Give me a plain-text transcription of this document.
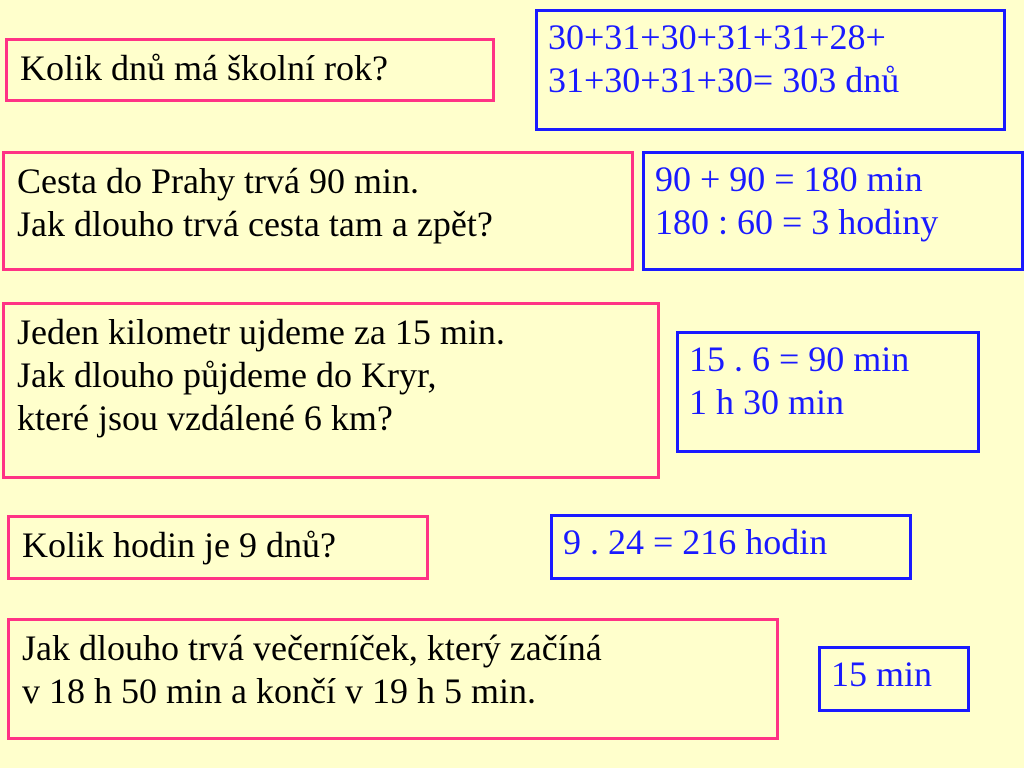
Kolik dnů má školní rok?
30+31+30+31+31+28+
31+30+31+30= 303 dnů
Cesta do Prahy trvá 90 min.
Jak dlouho trvá cesta tam a zpět?
90 + 90 = 180 min
180 : 60 = 3 hodiny
Jeden kilometr ujdeme za 15 min.
Jak dlouho půjdeme do Kryr,
které jsou vzdálené 6 km?
15 . 6 = 90 min
1 h 30 min
Kolik hodin je 9 dnů?	9 . 24 = 216 hodin
Jak dlouho trvá večerníček, který začíná
v 18 h 50 min a končí v 19 h 5 min.	15 min
